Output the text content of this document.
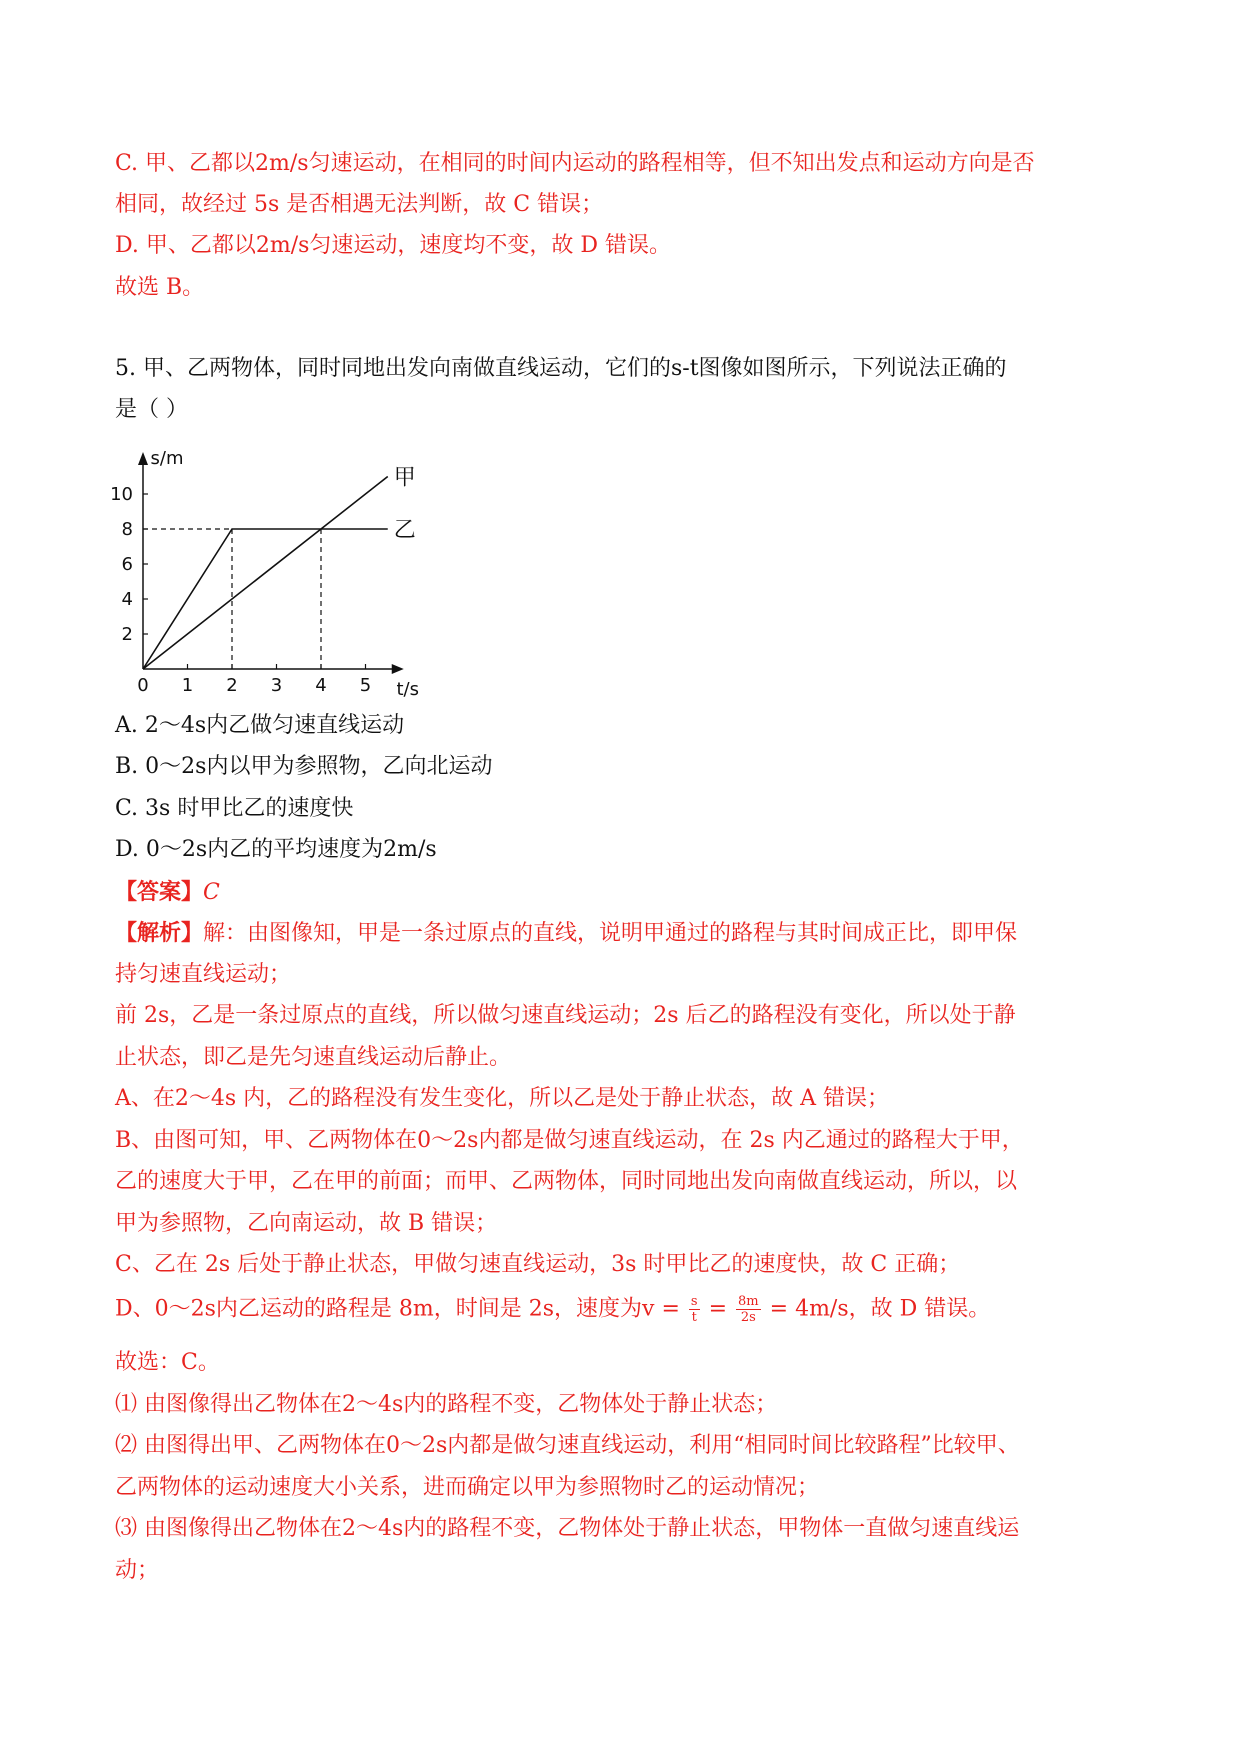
C. 甲、乙都以2m/s匀速运动，在相同的时间内运动的路程相等，但不知出发点和运动方向是否
相同，故经过 5s 是否相遇无法判断，故 C 错误；
D. 甲、乙都以2m/s匀速运动，速度均不变，故 D 错误。
故选 B。
5. 甲、乙两物体，同时同地出发向南做直线运动，它们的s-t图像如图所示，下列说法正确的
是（ ）
s/m
t/s
0 1 2 3 4 5
2
4
6
8
10
甲
乙
A. 2～4s内乙做匀速直线运动
B. 0～2s内以甲为参照物，乙向北运动
C. 3s 时甲比乙的速度快
D. 0～2s内乙的平均速度为2m/s
【答案】C
【解析】解：由图像知，甲是一条过原点的直线，说明甲通过的路程与其时间成正比，即甲保
持匀速直线运动；
前 2s，乙是一条过原点的直线，所以做匀速直线运动；2s 后乙的路程没有变化，所以处于静
止状态，即乙是先匀速直线运动后静止。
A、在2～4s 内，乙的路程没有发生变化，所以乙是处于静止状态，故 A 错误；
B、由图可知，甲、乙两物体在0～2s内都是做匀速直线运动，在 2s 内乙通过的路程大于甲，
乙的速度大于甲，乙在甲的前面；而甲、乙两物体，同时同地出发向南做直线运动，所以，以
甲为参照物，乙向南运动，故 B 错误；
C、乙在 2s 后处于静止状态，甲做匀速直线运动，3s 时甲比乙的速度快，故 C 正确；
D、0～2s内乙运动的路程是 8m，时间是 2s，速度为$v = \frac{s}{t} = \frac{8m}{2s} = 4m/s$，故 D 错误。
故选：C。
⑴ 由图像得出乙物体在2～4s内的路程不变，乙物体处于静止状态；
⑵ 由图得出甲、乙两物体在0～2s内都是做匀速直线运动，利用“相同时间比较路程”比较甲、
乙两物体的运动速度大小关系，进而确定以甲为参照物时乙的运动情况；
⑶ 由图像得出乙物体在2～4s内的路程不变，乙物体处于静止状态，甲物体一直做匀速直线运
动；
